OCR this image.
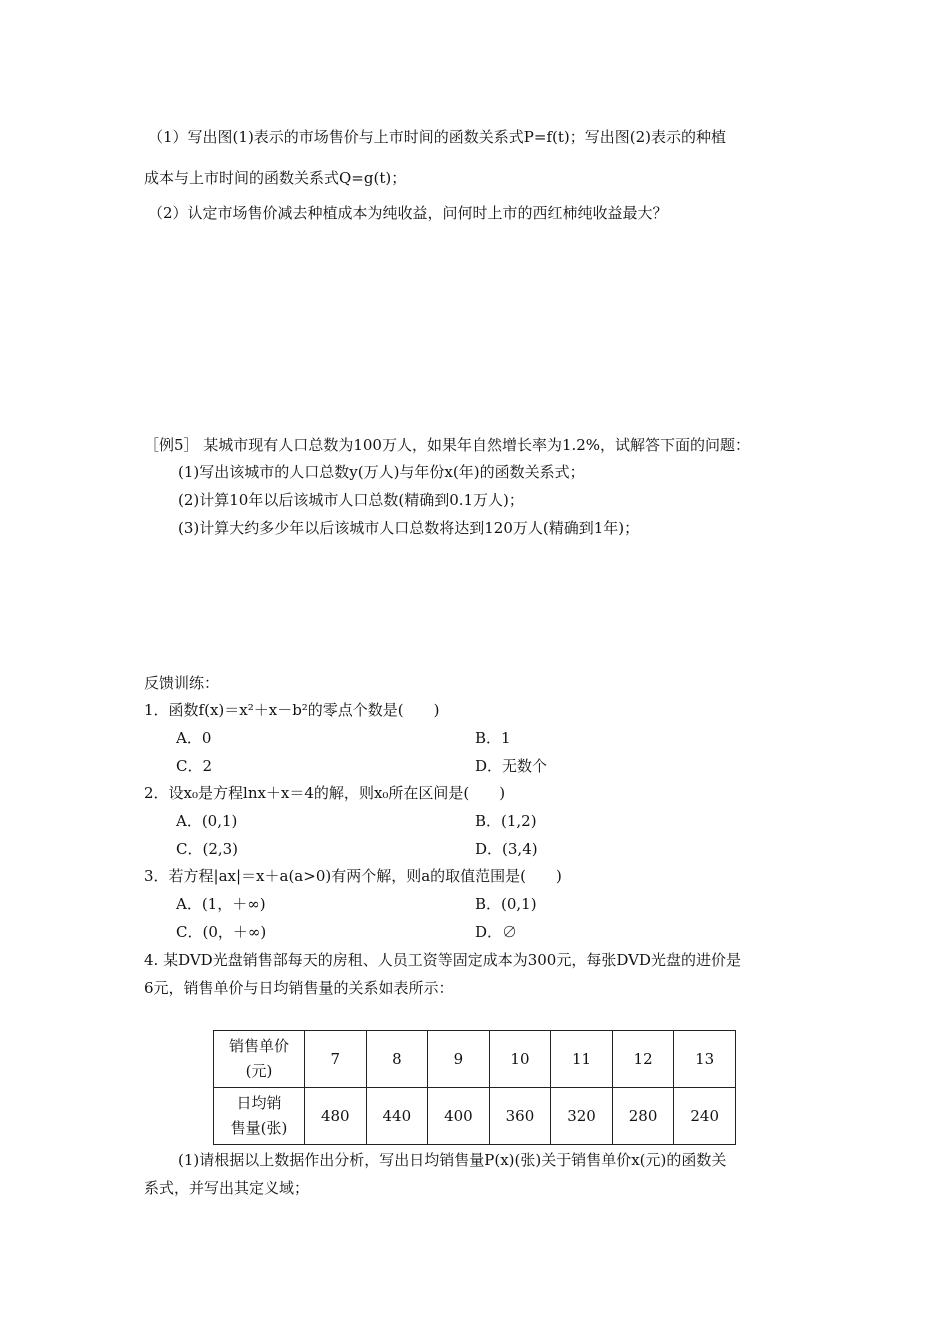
（1）写出图(1)表示的市场售价与上市时间的函数关系式P=f(t)；写出图(2)表示的种植
成本与上市时间的函数关系式Q=g(t)；
（2）认定市场售价减去种植成本为纯收益，问何时上市的西红柿纯收益最大？
［例5］ 某城市现有人口总数为100万人，如果年自然增长率为1.2%，试解答下面的问题：
(1)写出该城市的人口总数y(万人)与年份x(年)的函数关系式；
(2)计算10年以后该城市人口总数(精确到0.1万人)；
(3)计算大约多少年以后该城市人口总数将达到120万人(精确到1年)；
反馈训练：
1．函数f(x)＝x²＋x－b²的零点个数是(　　)
A．0	B．1
C．2	D．无数个
2．设x₀是方程lnx＋x＝4的解，则x₀所在区间是(　　)
A．(0,1)	B．(1,2)
C．(2,3)	D．(3,4)
3．若方程|ax|＝x＋a(a>0)有两个解，则a的取值范围是(　　)
A．(1，＋∞)	B．(0,1)
C．(0，＋∞)	D．∅
4. 某DVD光盘销售部每天的房租、人员工资等固定成本为300元，每张DVD光盘的进价是
6元，销售单价与日均销售量的关系如表所示：
销售单价
(元)	7	8	9	10	11	12	13

日均销
售量(张)	480	440	400	360	320	280	240
(1)请根据以上数据作出分析，写出日均销售量P(x)(张)关于销售单价x(元)的函数关
系式，并写出其定义域；
